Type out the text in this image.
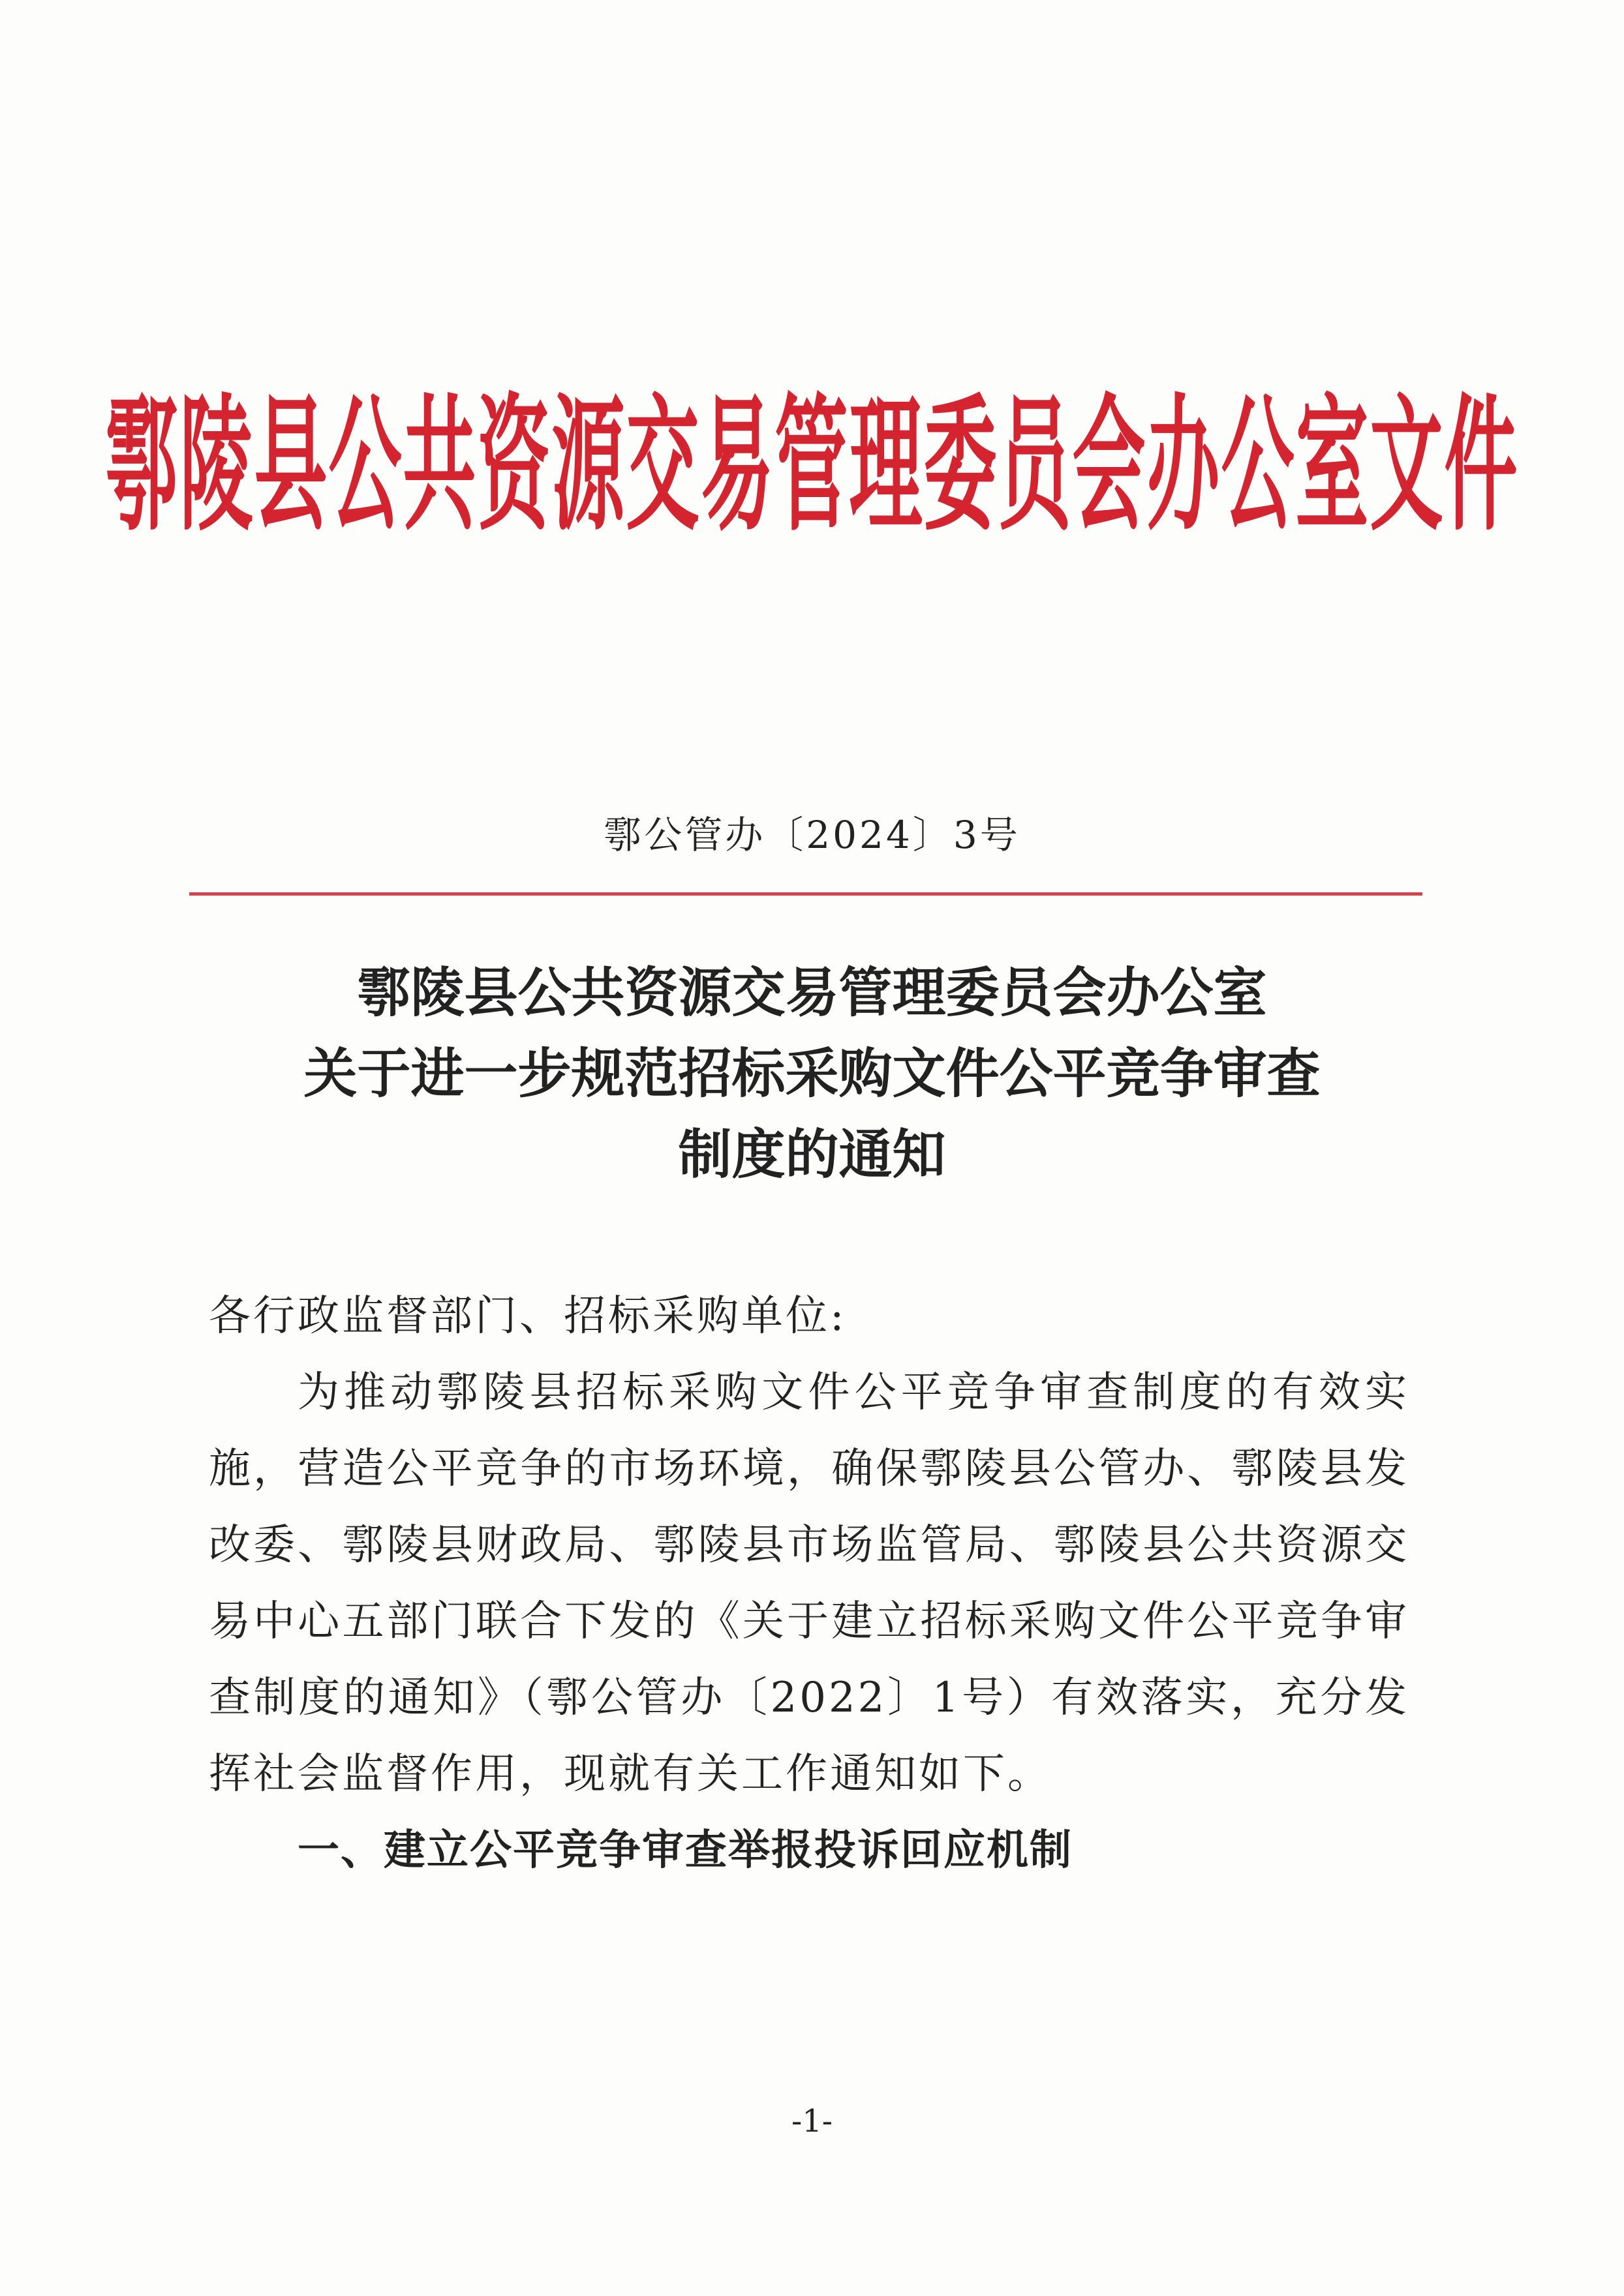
鄠陵县公共资源交易管理委员会办公室文件
鄠公管办〔2024〕3号
鄠陵县公共资源交易管理委员会办公室
关于进一步规范招标采购文件公平竞争审查
制度的通知

各行政监督部门、招标采购单位:

为推动鄠陵县招标采购文件公平竞争审查制度的有效实施，营造公平竞争的市场环境，确保鄠陵县公管办、鄠陵县发改委、鄠陵县财政局、鄠陵县市场监管局、鄠陵县公共资源交易中心五部门联合下发的《关于建立招标采购文件公平竞争审查制度的通知》（鄠公管办〔2022〕1号）有效落实，充分发挥社会监督作用，现就有关工作通知如下。

一、建立公平竞争审查举报投诉回应机制

-1-
